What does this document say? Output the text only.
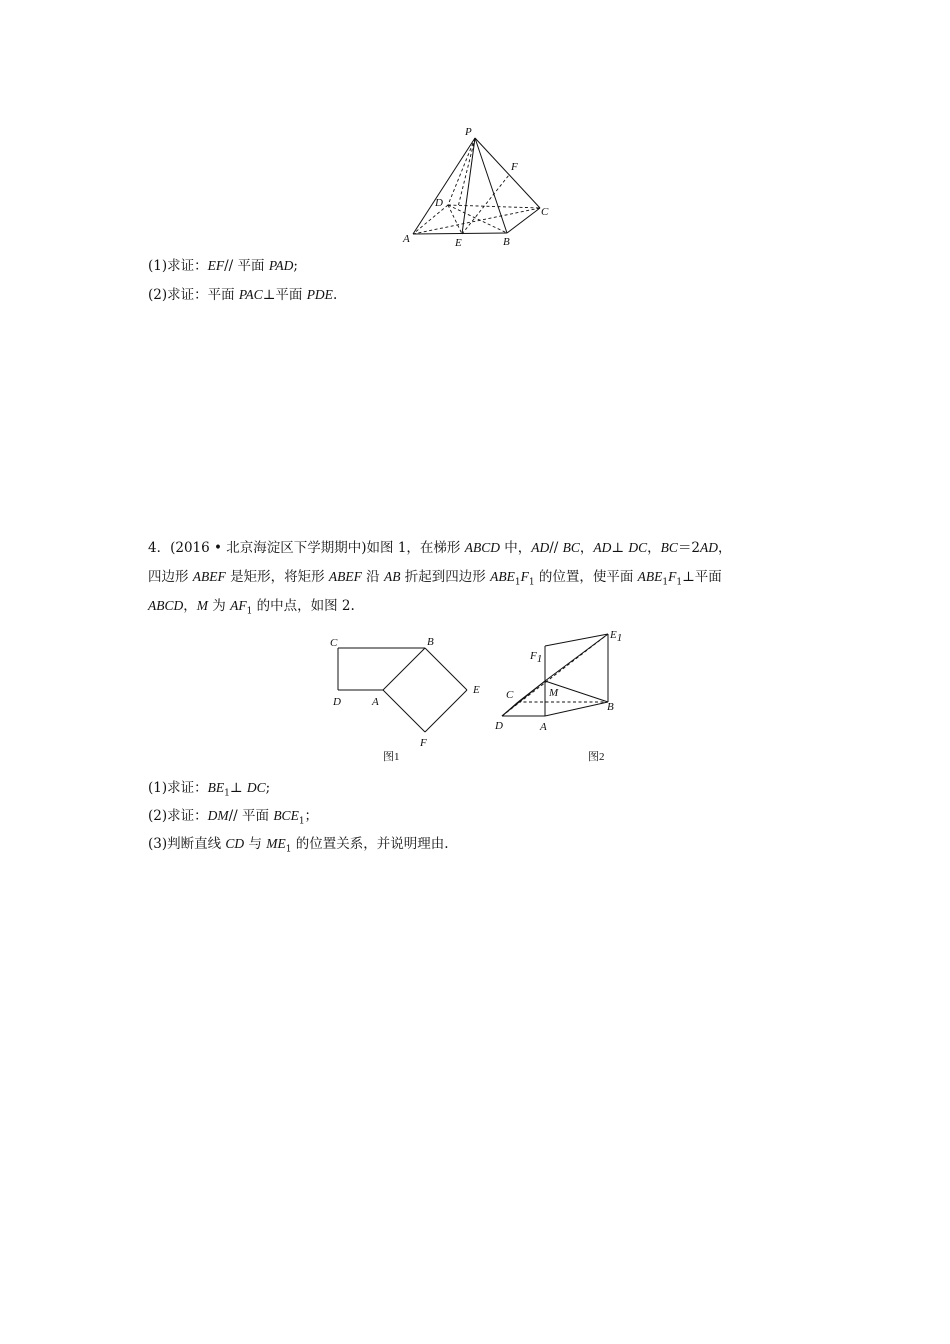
P
F
D
C
A	E	B
(1)求证：EF// 平面 PAD;
(2)求证：平面 PAC⊥平面 PDE.
4．(2016 • 北京海淀区下学期期中)如图 1，在梯形 ABCD 中，AD// BC，AD⊥ DC，BC＝2AD，
四边形 ABEF 是矩形，将矩形 ABEF 沿 AB 折起到四边形 $ABE_1F_1$ 的位置，使平面 $ABE_1F_1\perp$平面
ABCD，M 为 $AF_1$ 的中点，如图 2.
C	B
D	A
E
F
图1
E1
F1
C	M
D	A
B
图2
(1)求证：$BE_1\perp$ DC;
(2)求证：DM// 平面 $BCE_1$；
(3)判断直线 CD 与 $ME_1$ 的位置关系，并说明理由.
